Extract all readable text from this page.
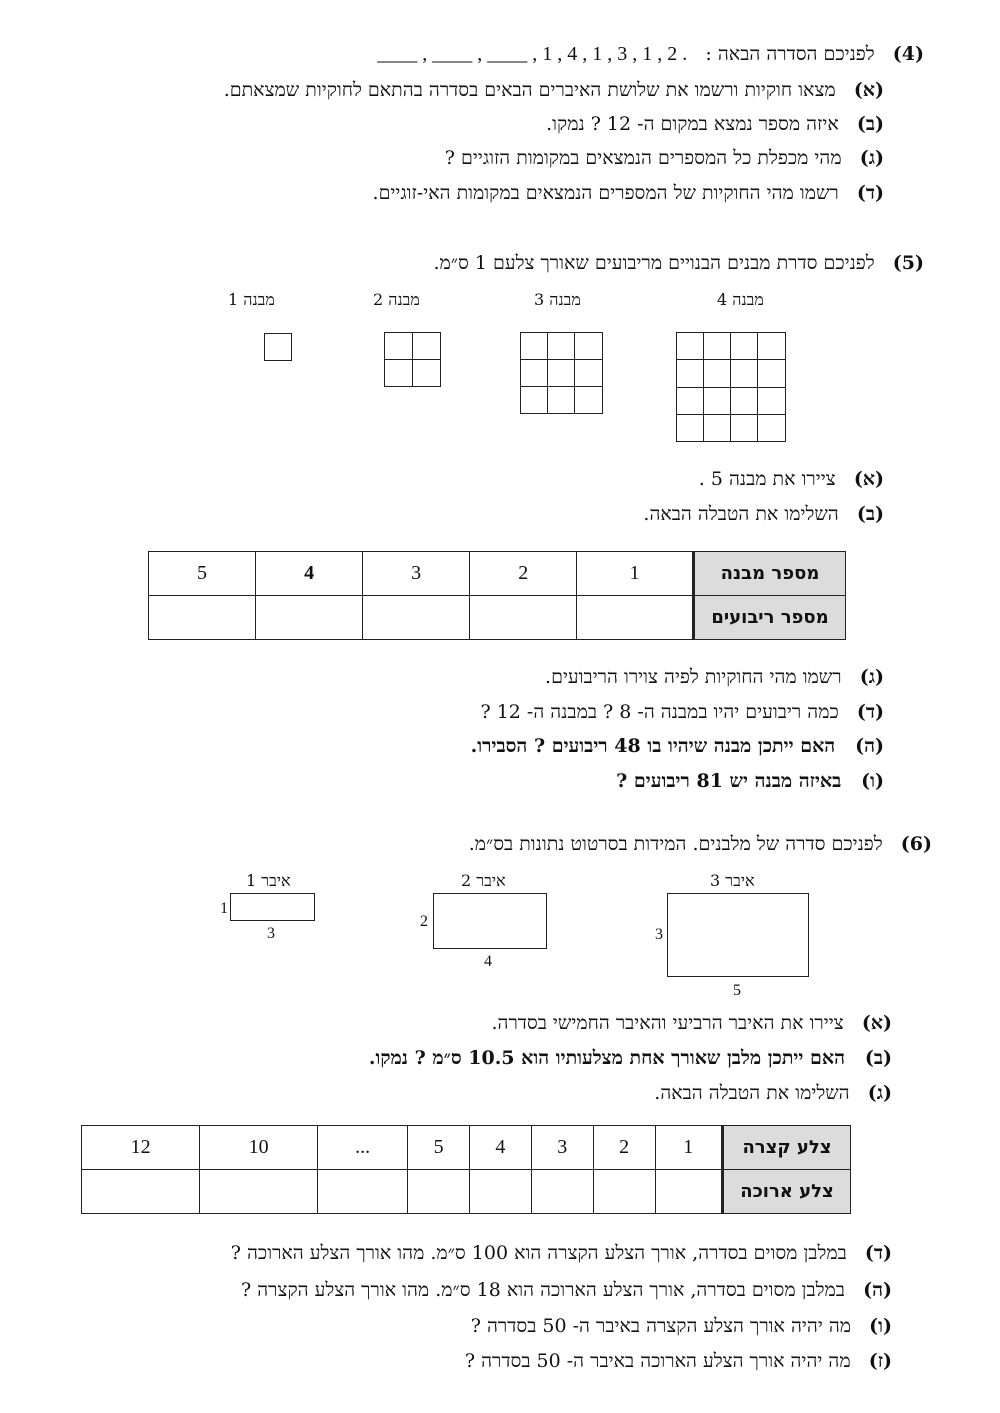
(4)   לפניכם הסדרה הבאה :   . 2 , 1 , 3 , 1 , 4 , 1 , ____ , ____ , ____
(א)   מצאו חוקיות ורשמו את שלושת האיברים הבאים בסדרה בהתאם לחוקיות שמצאתם.
(ב)   איזה מספר נמצא במקום ה- 12 ? נמקו.
(ג)   מהי מכפלת כל המספרים הנמצאים במקומות הזוגיים ?
(ד)   רשמו מהי החוקיות של המספרים הנמצאים במקומות האי-זוגיים.
(5)   לפניכם סדרת מבנים הבנויים מריבועים שאורך צלעם 1 ס״מ.
מבנה 1	מבנה 2	מבנה 3	מבנה 4
(א)   ציירו את מבנה 5 .
(ב)   השלימו את הטבלה הבאה.
מספר מבנה	1	2	3	4	5
מספר ריבועים					
(ג)   רשמו מהי החוקיות לפיה צוירו הריבועים.
(ד)   כמה ריבועים יהיו במבנה ה- 8 ? במבנה ה- 12 ?
(ה)   האם ייתכן מבנה שיהיו בו 48 ריבועים ? הסבירו.
(ו)   באיזה מבנה יש 81 ריבועים ?
(6)   לפניכם סדרה של מלבנים. המידות בסרטוט נתונות בס״מ.
איבר 1
1
3
איבר 2
2
4
איבר 3
3
5
(א)   ציירו את האיבר הרביעי והאיבר החמישי בסדרה.
(ב)   האם ייתכן מלבן שאורך אחת מצלעותיו הוא 10.5 ס״מ ? נמקו.
(ג)   השלימו את הטבלה הבאה.
צלע קצרה	1	2	3	4	5	...	10	12
צלע ארוכה								
(ד)   במלבן מסוים בסדרה, אורך הצלע הקצרה הוא 100 ס״מ. מהו אורך הצלע הארוכה ?
(ה)   במלבן מסוים בסדרה, אורך הצלע הארוכה הוא 18 ס״מ. מהו אורך הצלע הקצרה ?
(ו)   מה יהיה אורך הצלע הקצרה באיבר ה- 50 בסדרה ?
(ז)   מה יהיה אורך הצלע הארוכה באיבר ה- 50 בסדרה ?
